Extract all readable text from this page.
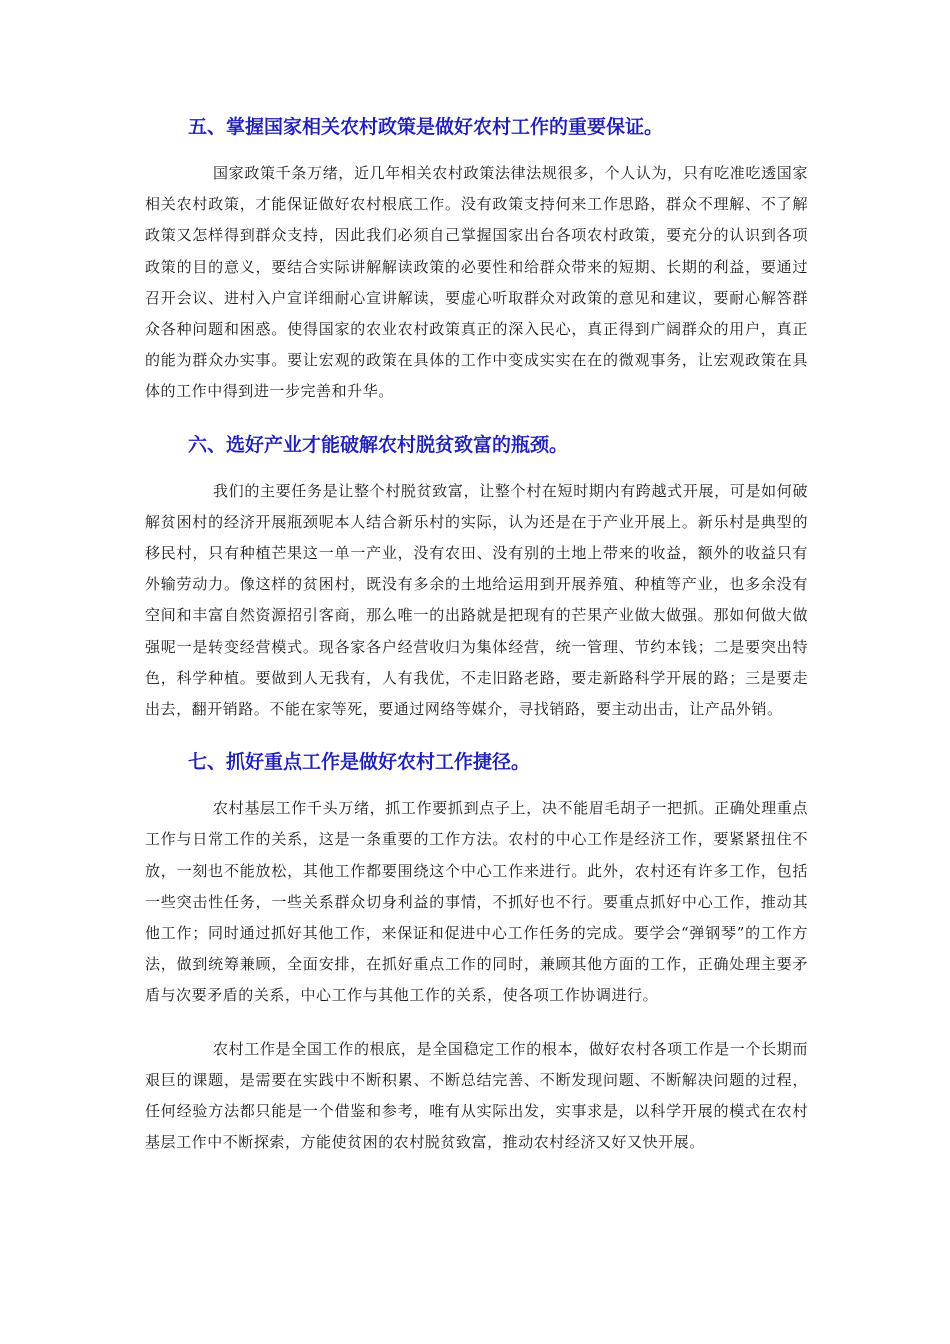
五、掌握国家相关农村政策是做好农村工作的重要保证。

国家政策千条万绪，近几年相关农村政策法律法规很多，个人认为，只有吃准吃透国家相关农村政策，才能保证做好农村根底工作。没有政策支持何来工作思路，群众不理解、不了解政策又怎样得到群众支持，因此我们必须自己掌握国家出台各项农村政策，要充分的认识到各项政策的目的意义，要结合实际讲解解读政策的必要性和给群众带来的短期、长期的利益，要通过召开会议、进村入户宣详细耐心宣讲解读，要虚心听取群众对政策的意见和建议，要耐心解答群众各种问题和困惑。使得国家的农业农村政策真正的深入民心，真正得到广阔群众的用户，真正的能为群众办实事。要让宏观的政策在具体的工作中变成实实在在的微观事务，让宏观政策在具体的工作中得到进一步完善和升华。

六、选好产业才能破解农村脱贫致富的瓶颈。

我们的主要任务是让整个村脱贫致富，让整个村在短时期内有跨越式开展，可是如何破解贫困村的经济开展瓶颈呢本人结合新乐村的实际，认为还是在于产业开展上。新乐村是典型的移民村，只有种植芒果这一单一产业，没有农田、没有别的土地上带来的收益，额外的收益只有外输劳动力。像这样的贫困村，既没有多余的土地给运用到开展养殖、种植等产业，也多余没有空间和丰富自然资源招引客商，那么唯一的出路就是把现有的芒果产业做大做强。那如何做大做强呢一是转变经营模式。现各家各户经营收归为集体经营，统一管理、节约本钱；二是要突出特色，科学种植。要做到人无我有，人有我优，不走旧路老路，要走新路科学开展的路；三是要走出去，翻开销路。不能在家等死，要通过网络等媒介，寻找销路，要主动出击，让产品外销。

七、抓好重点工作是做好农村工作捷径。

农村基层工作千头万绪，抓工作要抓到点子上，决不能眉毛胡子一把抓。正确处理重点工作与日常工作的关系，这是一条重要的工作方法。农村的中心工作是经济工作，要紧紧扭住不放，一刻也不能放松，其他工作都要围绕这个中心工作来进行。此外，农村还有许多工作，包括一些突击性任务，一些关系群众切身利益的事情，不抓好也不行。要重点抓好中心工作，推动其他工作；同时通过抓好其他工作，来保证和促进中心工作任务的完成。要学会“弹钢琴”的工作方法，做到统筹兼顾，全面安排，在抓好重点工作的同时，兼顾其他方面的工作，正确处理主要矛盾与次要矛盾的关系，中心工作与其他工作的关系，使各项工作协调进行。

农村工作是全国工作的根底，是全国稳定工作的根本，做好农村各项工作是一个长期而艰巨的课题，是需要在实践中不断积累、不断总结完善、不断发现问题、不断解决问题的过程，任何经验方法都只能是一个借鉴和参考，唯有从实际出发，实事求是，以科学开展的模式在农村基层工作中不断探索，方能使贫困的农村脱贫致富，推动农村经济又好又快开展。
